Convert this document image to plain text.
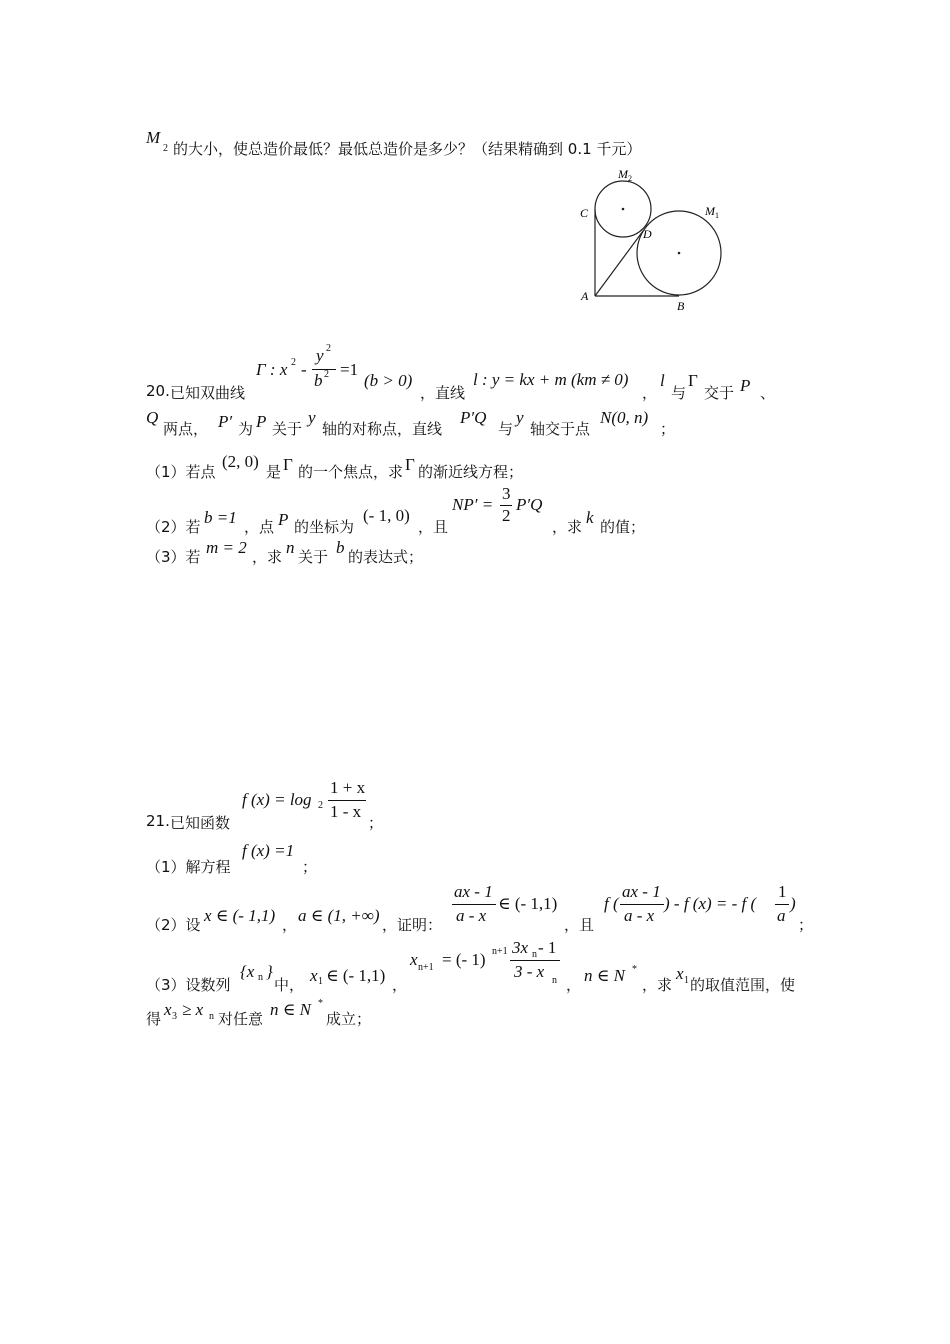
M
2 的大小，使总造价最低？最低总造价是多少？（结果精确到 0.1 千元）
M 2
M 1
C
D
A
B
20. 已知双曲线
Γ : x 2 -
y 2
b 2 =1
(b > 0)
，直线
l : y = kx + m (km ≠ 0)
，
l
与
Γ
交于 P 、
Q
两点， P′ 为 P 关于
y
轴的对称点，直线
P′Q
与
y
轴交于点
N(0, n)
；
（1）若点
(2, 0)
是 Γ 的一个焦点，求 Γ 的渐近线方程；
（2）若 b =1 ，点 P 的坐标为
(- 1, 0)
，且
NP′ =
3
2
P′Q
，求 k 的值；
（3）若 m = 2 ，求 n 关于 b 的表达式；
21. 已知函数
f (x) = log 2
1 + x
1 - x
；
（1）解方程
f (x) =1
；
（2）设 x ∈ (- 1,1) ， a ∈ (1, +∞) ，证明：
ax - 1
a - x
∈ (- 1,1)
，且
f (
ax - 1
a - x
) - f (x) = - f (
1
a
)
；
（3）设数列
{x n }
中， x 1 ∈ (- 1,1) ，
x n+1 = (- 1) n+1 3x n - 1
3 - x n ， n ∈ N *
，求
x 1 的取值范围，使
得 x 3 ≥ x n 对任意 n ∈ N *
成立；
